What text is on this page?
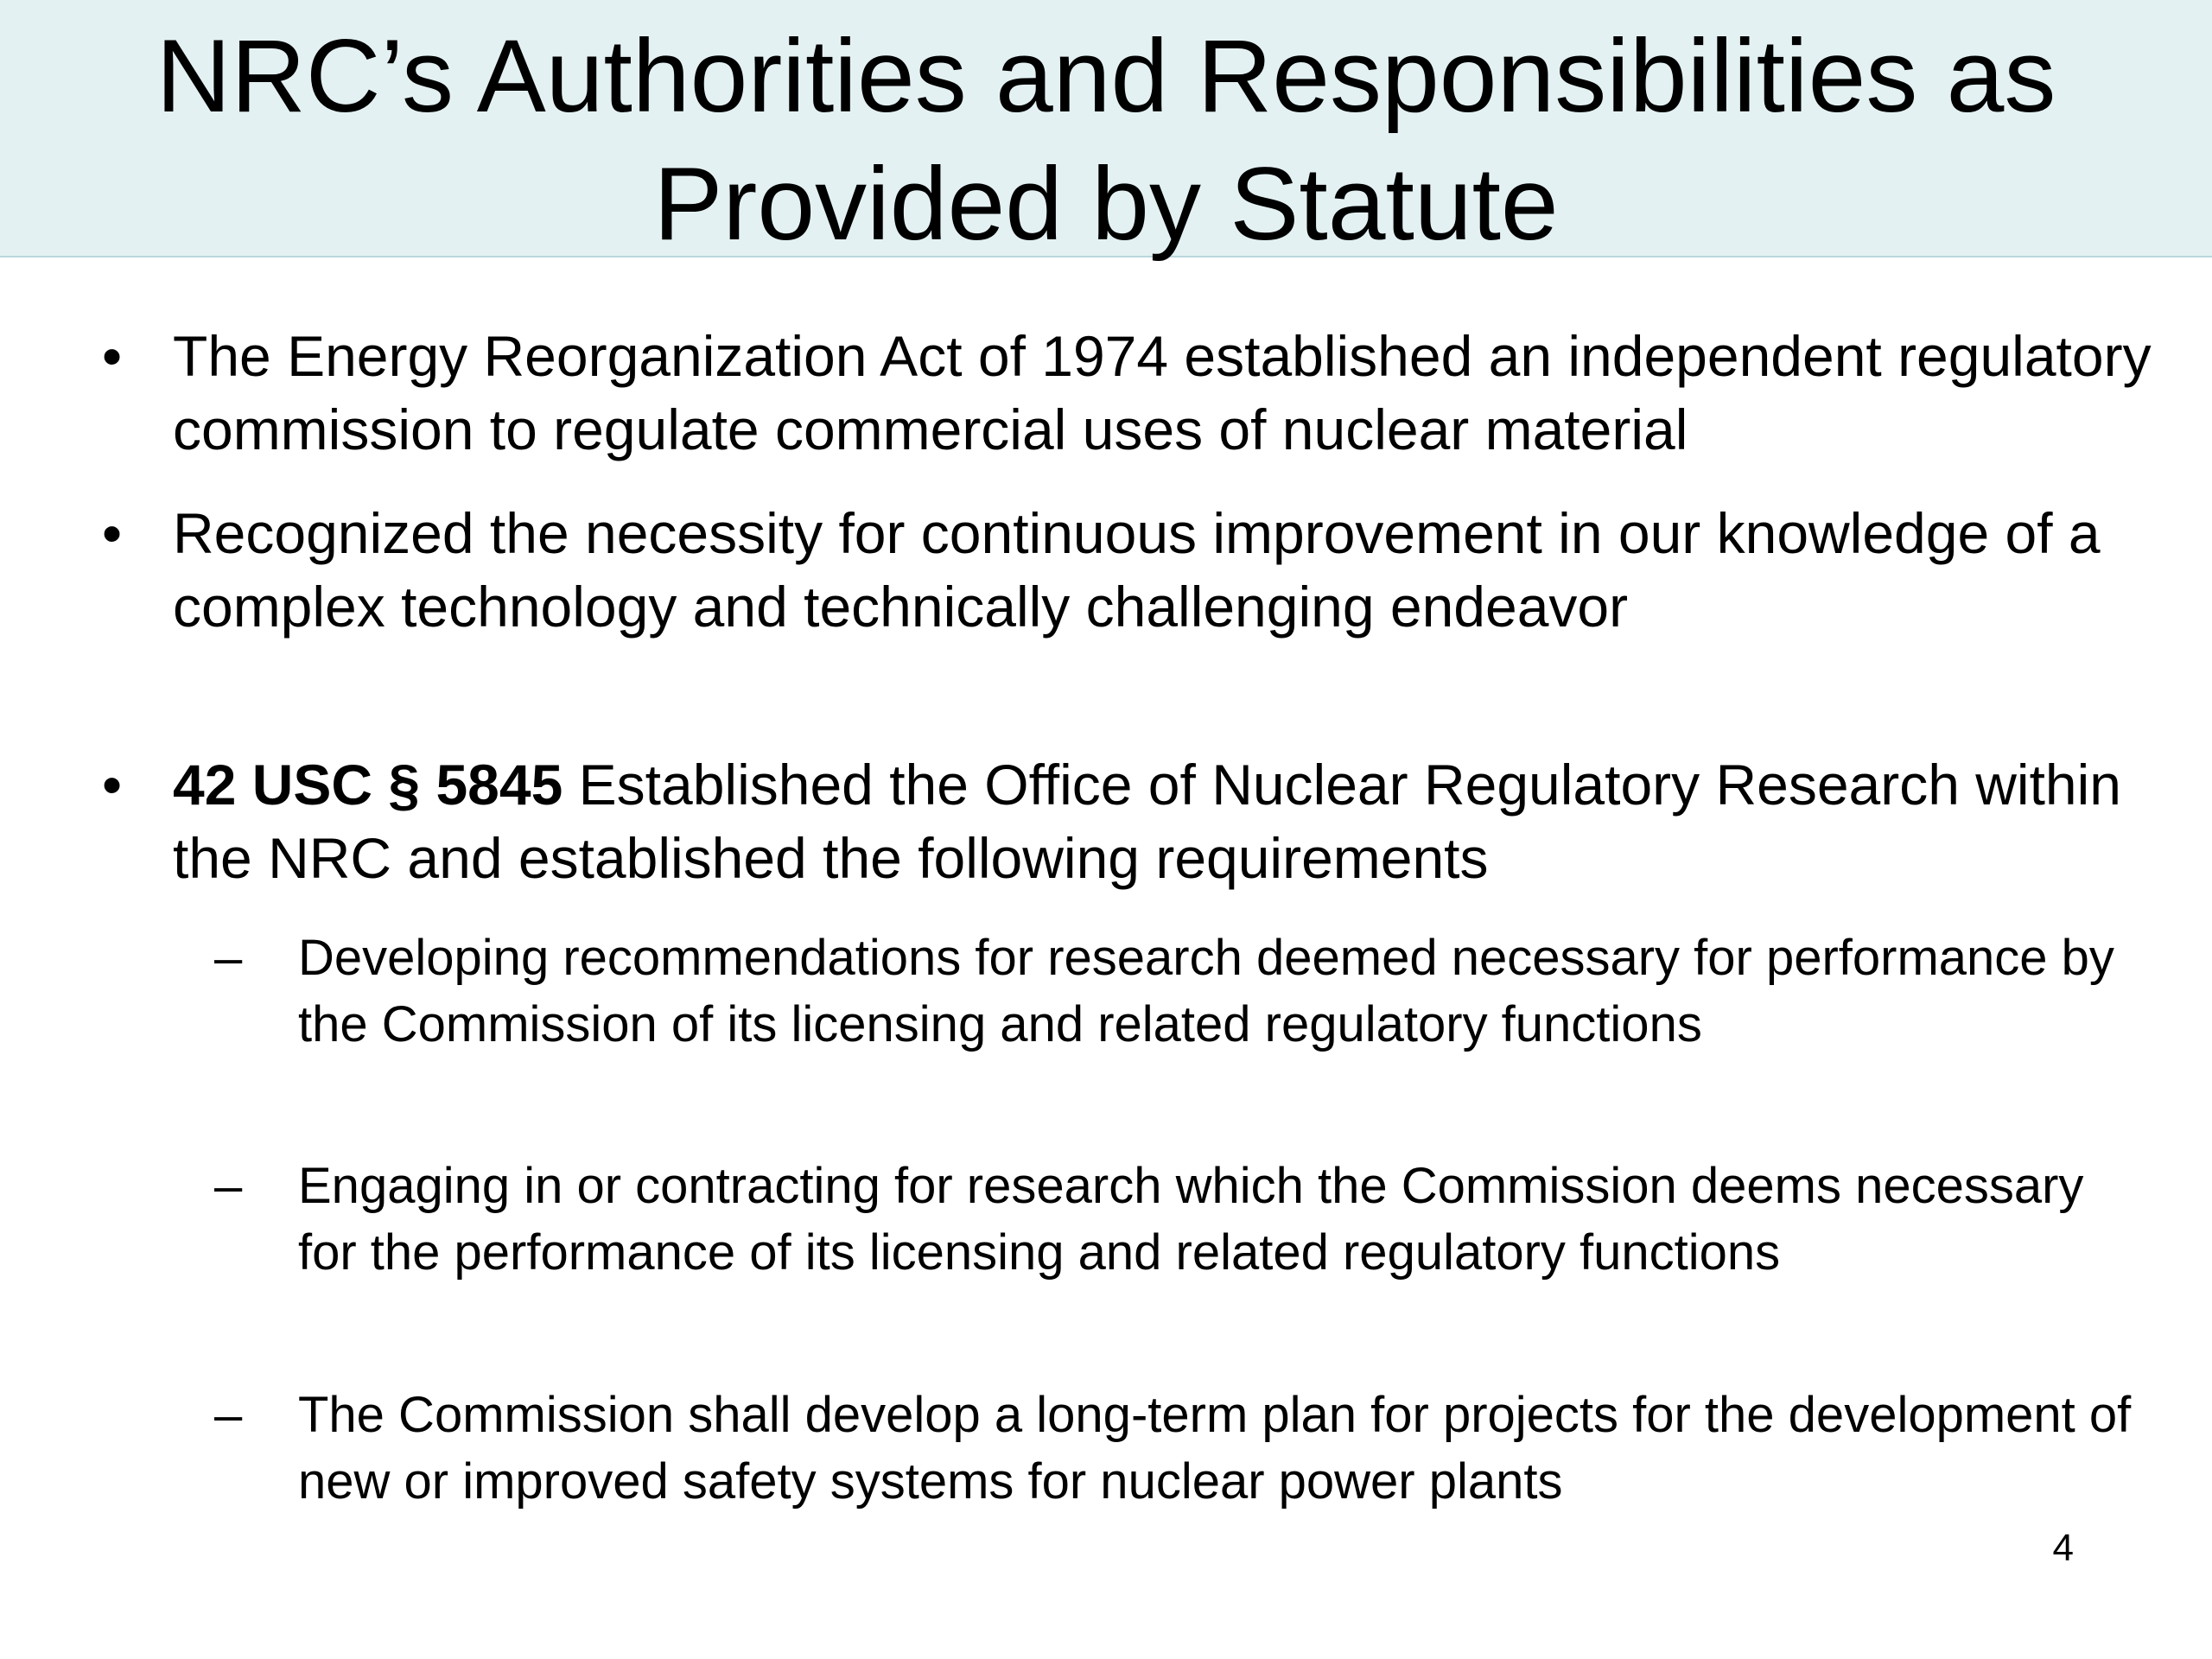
NRC’s Authorities and Responsibilities as Provided by Statute
• The Energy Reorganization Act of 1974 established an independent regulatory commission to regulate commercial uses of nuclear material

• Recognized the necessity for continuous improvement in our knowledge of a complex technology and technically challenging endeavor

• 42 USC § 5845 Established the Office of Nuclear Regulatory Research within the NRC and established the following requirements

– Developing recommendations for research deemed necessary for performance by the Commission of its licensing and related regulatory functions

– Engaging in or contracting for research which the Commission deems necessary for the performance of its licensing and related regulatory functions

– The Commission shall develop a long-term plan for projects for the development of new or improved safety systems for nuclear power plants

4
